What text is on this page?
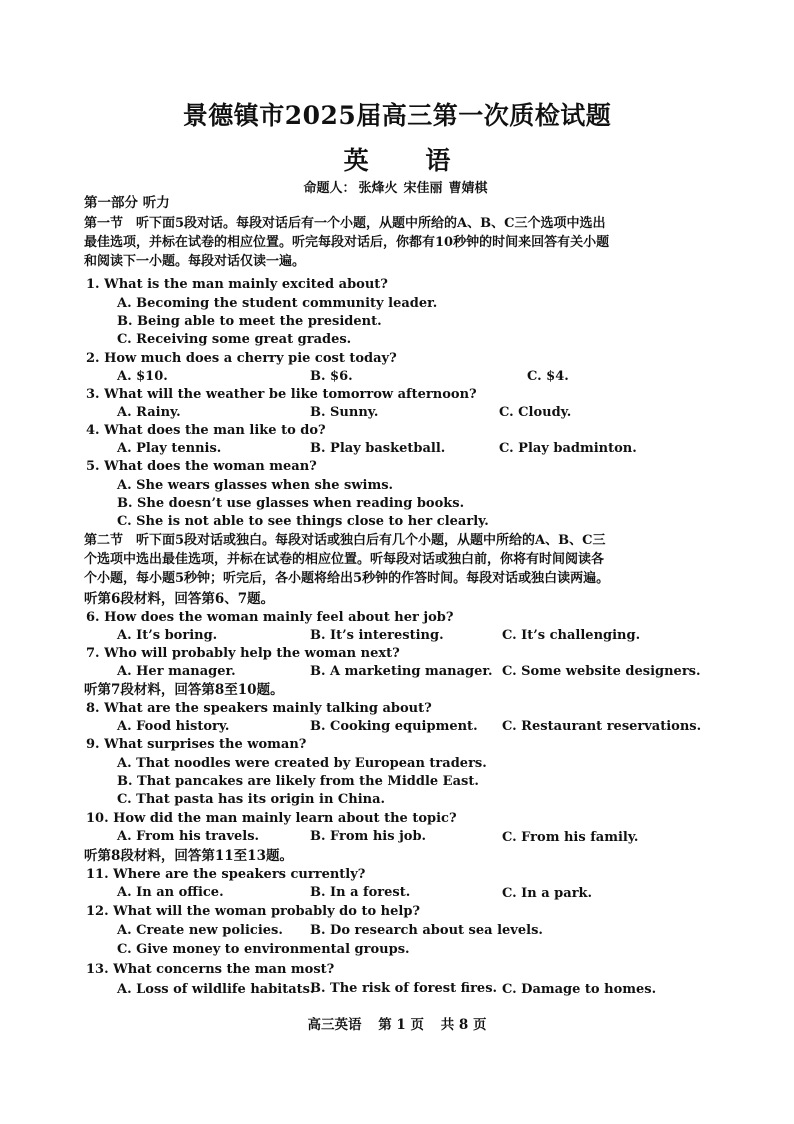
景德镇市2025届高三第一次质检试题
英 语
命题人： 张烽火 宋佳丽 曹婧棋
第一部分 听力
第一节　听下面5段对话。每段对话后有一个小题，从题中所给的A、B、C三个选项中选出
最佳选项，并标在试卷的相应位置。听完每段对话后，你都有10秒钟的时间来回答有关小题
和阅读下一小题。每段对话仅读一遍。
1. What is the man mainly excited about?
A. Becoming the student community leader.
B. Being able to meet the president.
C. Receiving some great grades.
2. How much does a cherry pie cost today?
A. $10.	B. $6.	C. $4.
3. What will the weather be like tomorrow afternoon?
A. Rainy.	B. Sunny.	C. Cloudy.
4. What does the man like to do?
A. Play tennis.	B. Play basketball.	C. Play badminton.
5. What does the woman mean?
A. She wears glasses when she swims.
B. She doesn’t use glasses when reading books.
C. She is not able to see things close to her clearly.
第二节　听下面5段对话或独白。每段对话或独白后有几个小题，从题中所给的A、B、C三
个选项中选出最佳选项，并标在试卷的相应位置。听每段对话或独白前，你将有时间阅读各
个小题，每小题5秒钟；听完后，各小题将给出5秒钟的作答时间。每段对话或独白读两遍。
听第6段材料，回答第6、7题。
6. How does the woman mainly feel about her job?
A. It’s boring.	B. It’s interesting.	C. It’s challenging.
7. Who will probably help the woman next?
A. Her manager.	B. A marketing manager. C. Some website designers.
听第7段材料，回答第8至10题。
8. What are the speakers mainly talking about?
A. Food history.	B. Cooking equipment. C. Restaurant reservations.
9. What surprises the woman?
A. That noodles were created by European traders.
B. That pancakes are likely from the Middle East.
C. That pasta has its origin in China.
10. How did the man mainly learn about the topic?
A. From his travels.	B. From his job.	C. From his family.
听第8段材料，回答第11至13题。
11. Where are the speakers currently?
A. In an office.	B. In a forest.	C. In a park.
12. What will the woman probably do to help?
A. Create new policies. B. Do research about sea levels.
C. Give money to environmental groups.
13. What concerns the man most?
A. Loss of wildlife habitats.
B. The risk of forest fires. C. Damage to homes.
高三英语 第 1 页 共 8 页
